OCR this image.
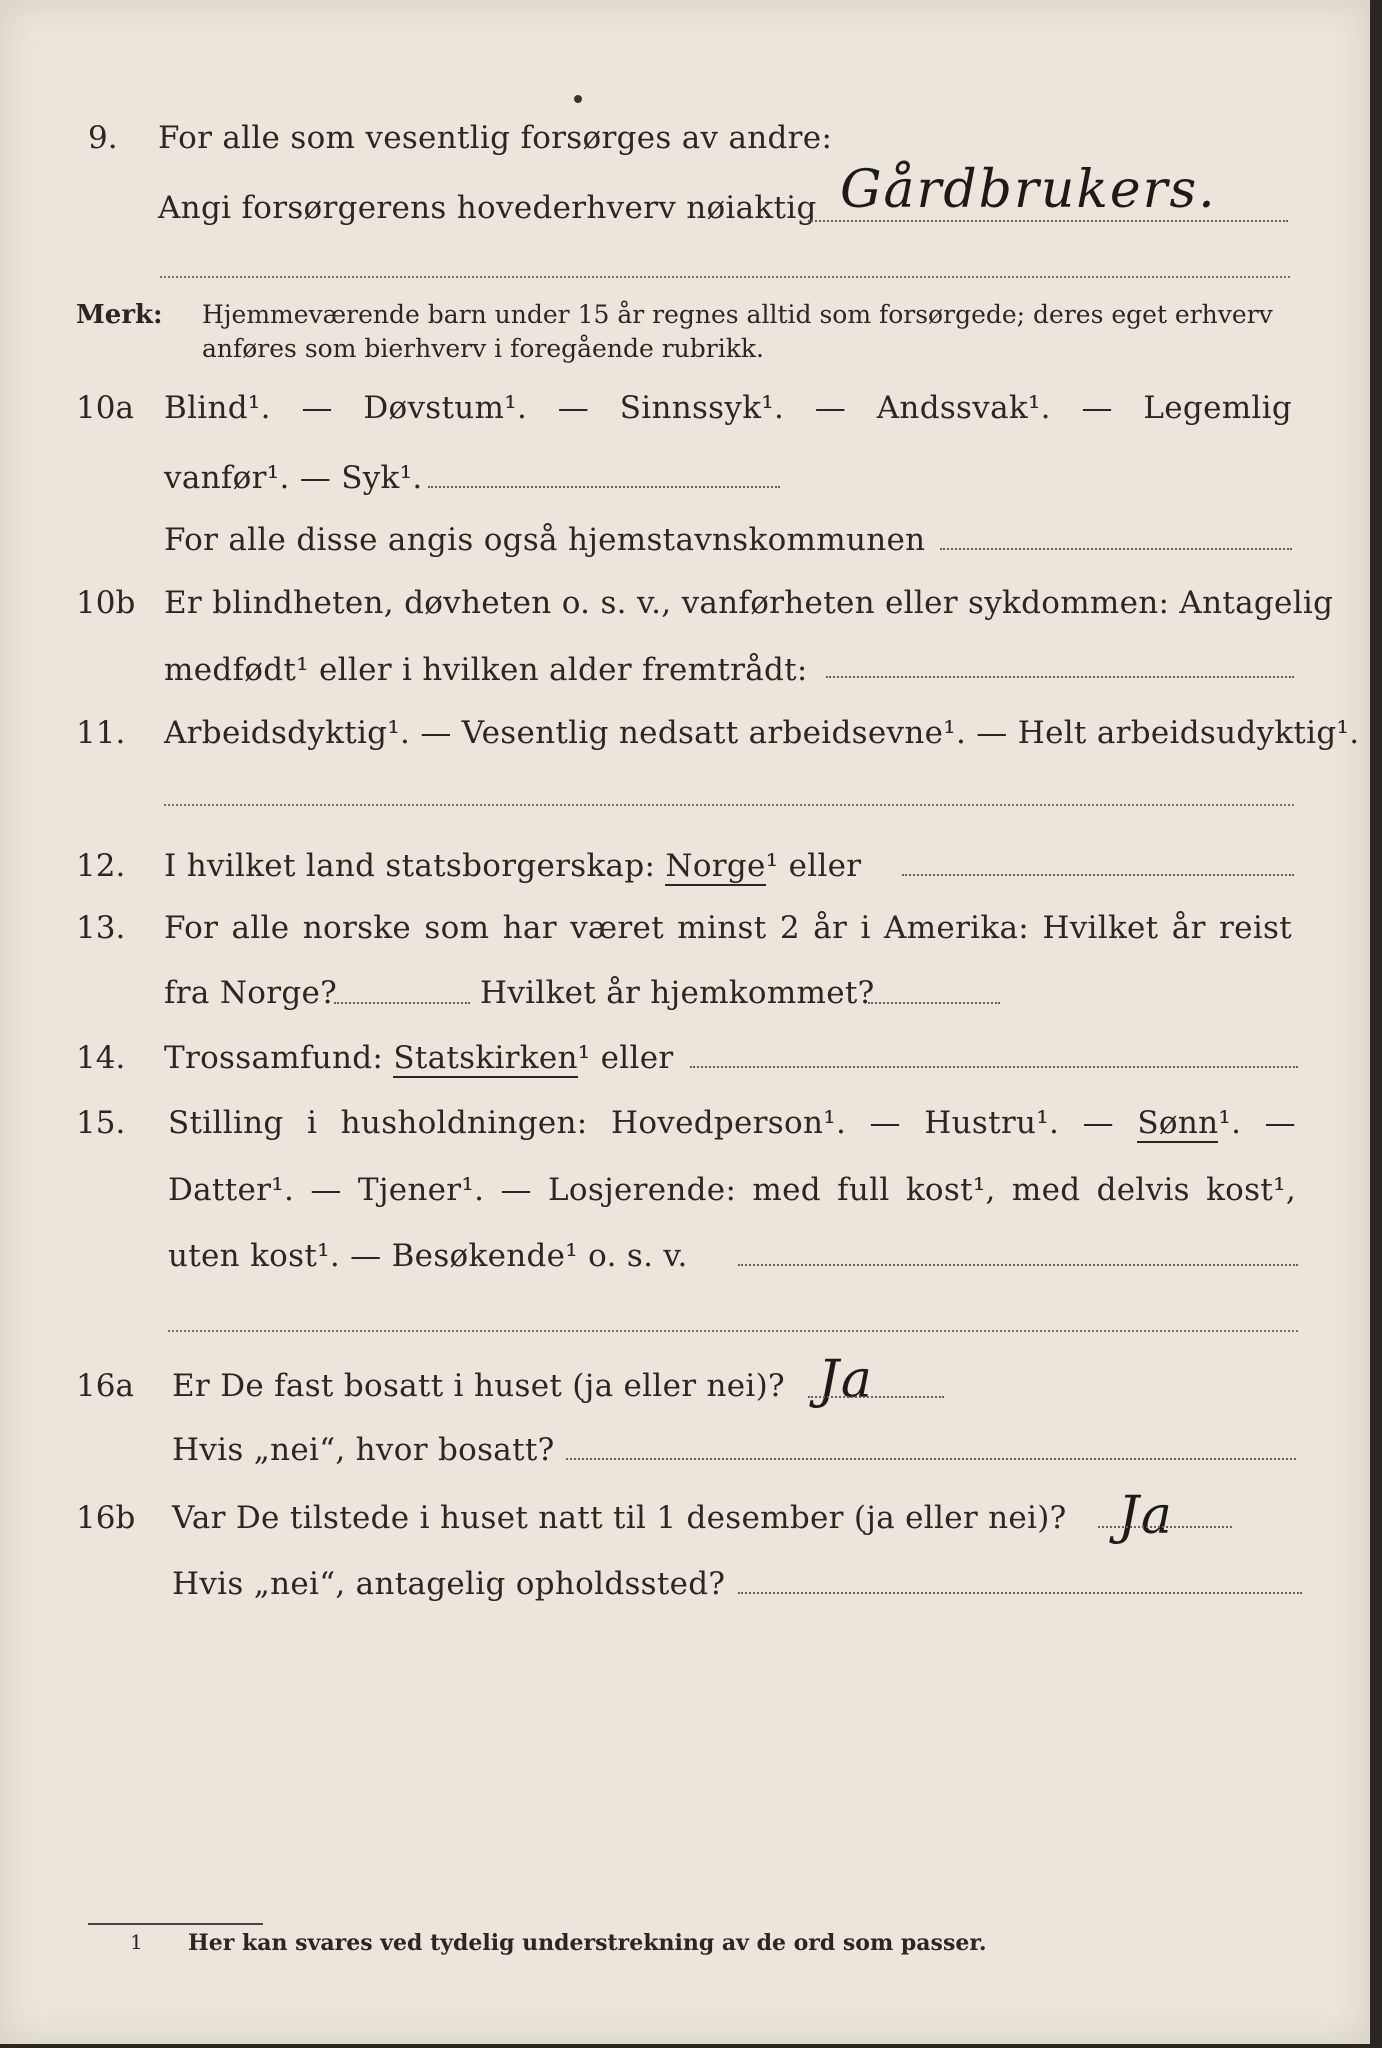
9. For alle som vesentlig forsørges av andre:
Angi forsørgerens hovederhverv nøiaktig Gårdbrukers.
Merk: Hjemmeværende barn under 15 år regnes alltid som forsørgede; deres eget erhverv
anføres som bierhverv i foregående rubrikk.
10a Blind¹. — Døvstum¹. — Sinnssyk¹. — Andssvak¹. — Legemlig
vanfør¹. — Syk¹.
For alle disse angis også hjemstavnskommunen
10b Er blindheten, døvheten o. s. v., vanførheten eller sykdommen: Antagelig
medfødt¹ eller i hvilken alder fremtrådt:
11. Arbeidsdyktig¹. — Vesentlig nedsatt arbeidsevne¹. — Helt arbeidsudyktig¹.
12. I hvilket land statsborgerskap: Norge¹ eller
13. For alle norske som har været minst 2 år i Amerika: Hvilket år reist
fra Norge?	Hvilket år hjemkommet?
14. Trossamfund: Statskirken¹ eller
15. Stilling i husholdningen: Hovedperson¹. — Hustru¹. — Sønn¹. —
Datter¹. — Tjener¹. — Losjerende: med full kost¹, med delvis kost¹,
uten kost¹. — Besøkende¹ o. s. v.
16a Er De fast bosatt i huset (ja eller nei)? Ja
Hvis „nei“, hvor bosatt?
16b Var De tilstede i huset natt til 1 desember (ja eller nei)? Ja
Hvis „nei“, antagelig opholdssted?
1 Her kan svares ved tydelig understrekning av de ord som passer.
